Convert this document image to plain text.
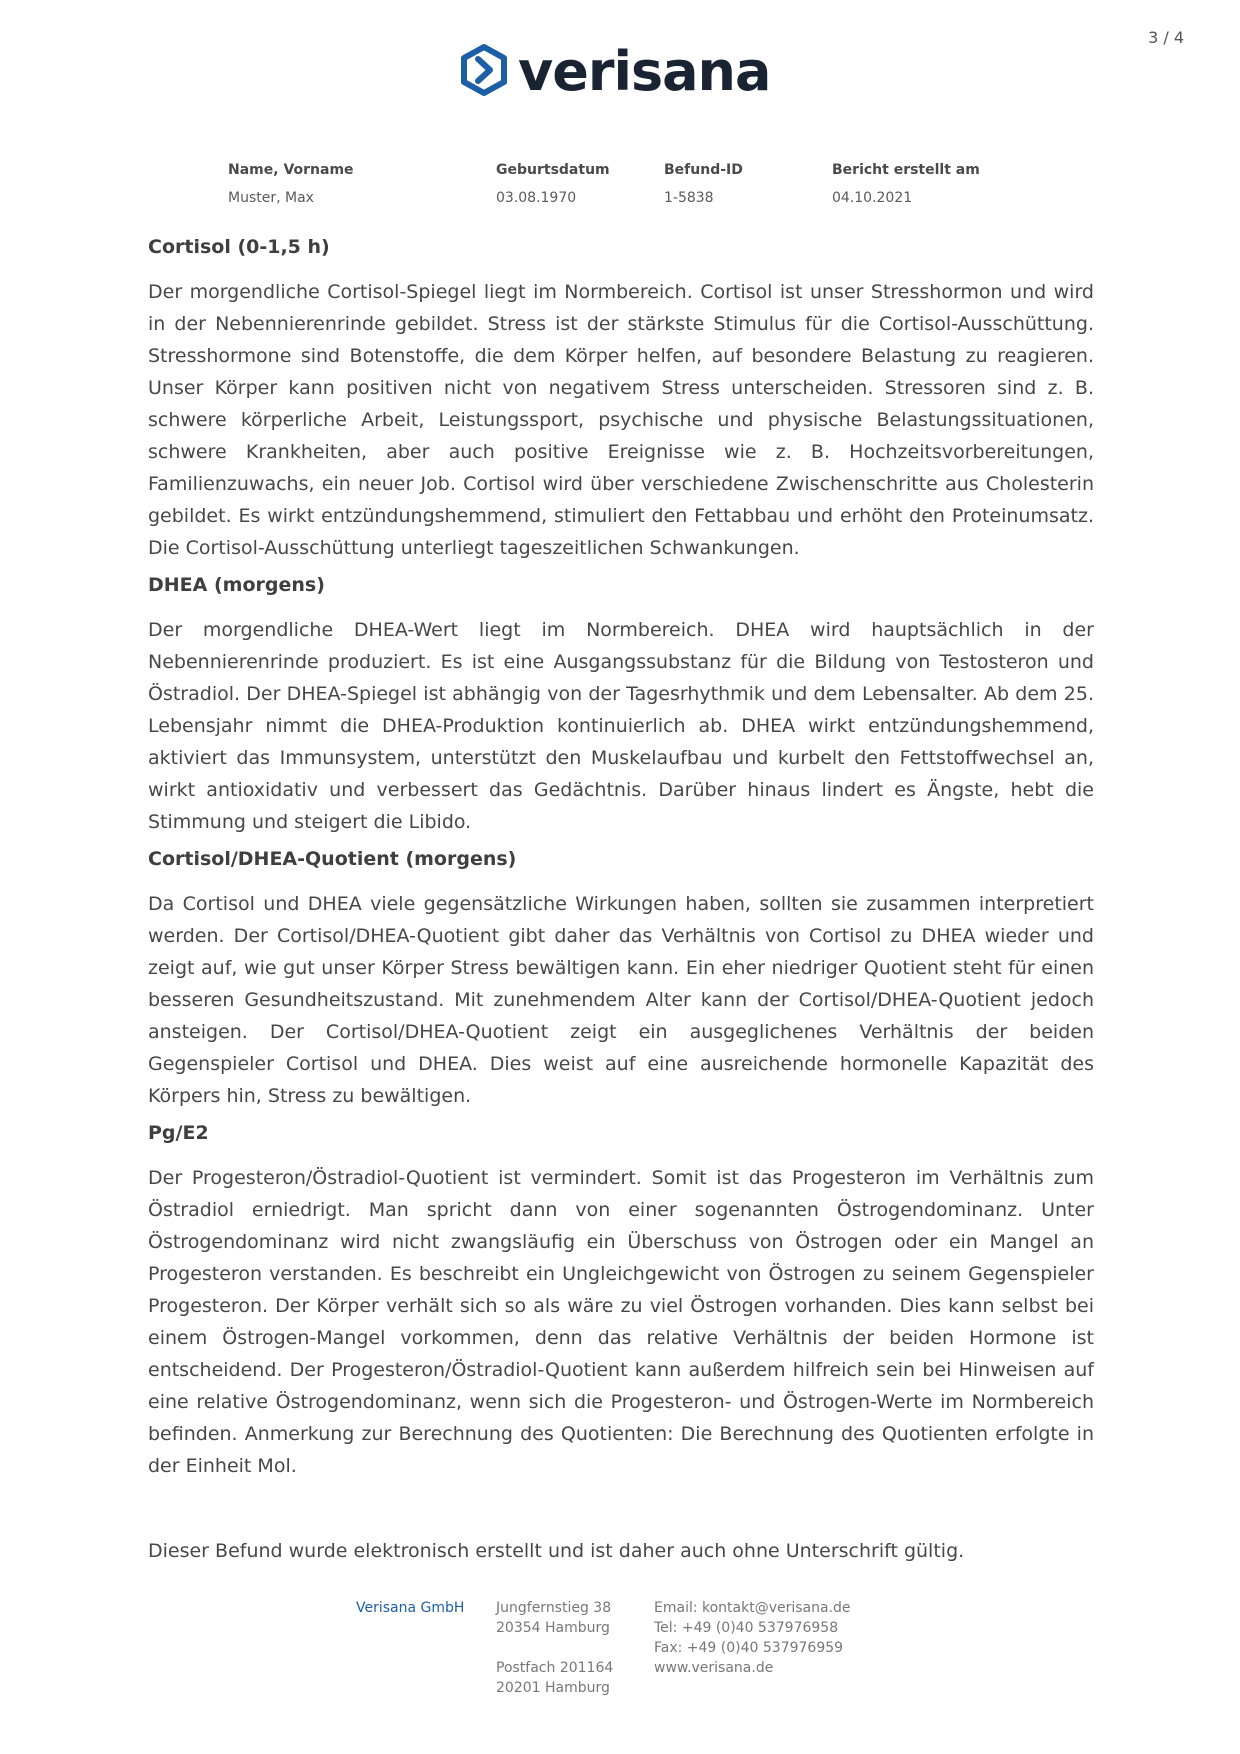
3 / 4
verisana
Name, Vorname
Muster, Max
Geburtsdatum
03.08.1970
Befund-ID
1-5838
Bericht erstellt am
04.10.2021
Cortisol (0-1,5 h)

Der morgendliche Cortisol-Spiegel liegt im Normbereich. Cortisol ist unser Stresshormon und wird in der Nebennierenrinde gebildet. Stress ist der stärkste Stimulus für die Cortisol-Ausschüttung. Stresshormone sind Botenstoffe, die dem Körper helfen, auf besondere Belastung zu reagieren. Unser Körper kann positiven nicht von negativem Stress unterscheiden. Stressoren sind z. B. schwere körperliche Arbeit, Leistungssport, psychische und physische Belastungssituationen, schwere Krankheiten, aber auch positive Ereignisse wie z. B. Hochzeitsvorbereitungen, Familienzuwachs, ein neuer Job. Cortisol wird über verschiedene Zwischenschritte aus Cholesterin gebildet. Es wirkt entzündungshemmend, stimuliert den Fettabbau und erhöht den Proteinumsatz. Die Cortisol-Ausschüttung unterliegt tageszeitlichen Schwankungen.

DHEA (morgens)

Der morgendliche DHEA-Wert liegt im Normbereich. DHEA wird hauptsächlich in der Nebennierenrinde produziert. Es ist eine Ausgangssubstanz für die Bildung von Testosteron und Östradiol. Der DHEA-Spiegel ist abhängig von der Tagesrhythmik und dem Lebensalter. Ab dem 25. Lebensjahr nimmt die DHEA-Produktion kontinuierlich ab. DHEA wirkt entzündungshemmend, aktiviert das Immunsystem, unterstützt den Muskelaufbau und kurbelt den Fettstoffwechsel an, wirkt antioxidativ und verbessert das Gedächtnis. Darüber hinaus lindert es Ängste, hebt die Stimmung und steigert die Libido.

Cortisol/DHEA-Quotient (morgens)

Da Cortisol und DHEA viele gegensätzliche Wirkungen haben, sollten sie zusammen interpretiert werden. Der Cortisol/DHEA-Quotient gibt daher das Verhältnis von Cortisol zu DHEA wieder und zeigt auf, wie gut unser Körper Stress bewältigen kann. Ein eher niedriger Quotient steht für einen besseren Gesundheitszustand. Mit zunehmendem Alter kann der Cortisol/DHEA-Quotient jedoch ansteigen. Der Cortisol/DHEA-Quotient zeigt ein ausgeglichenes Verhältnis der beiden Gegenspieler Cortisol und DHEA. Dies weist auf eine ausreichende hormonelle Kapazität des Körpers hin, Stress zu bewältigen.

Pg/E2

Der Progesteron/Östradiol-Quotient ist vermindert. Somit ist das Progesteron im Verhältnis zum Östradiol erniedrigt. Man spricht dann von einer sogenannten Östrogendominanz. Unter Östrogendominanz wird nicht zwangsläufig ein Überschuss von Östrogen oder ein Mangel an Progesteron verstanden. Es beschreibt ein Ungleichgewicht von Östrogen zu seinem Gegenspieler Progesteron. Der Körper verhält sich so als wäre zu viel Östrogen vorhanden. Dies kann selbst bei einem Östrogen-Mangel vorkommen, denn das relative Verhältnis der beiden Hormone ist entscheidend. Der Progesteron/Östradiol-Quotient kann außerdem hilfreich sein bei Hinweisen auf eine relative Östrogendominanz, wenn sich die Progesteron- und Östrogen-Werte im Normbereich befinden. Anmerkung zur Berechnung des Quotienten: Die Berechnung des Quotienten erfolgte in der Einheit Mol.

Dieser Befund wurde elektronisch erstellt und ist daher auch ohne Unterschrift gültig.
Verisana GmbH	Jungfernstieg 38
20354 Hamburg
Postfach 201164
20201 Hamburg
Email: kontakt@verisana.de
Tel: +49 (0)40 537976958
Fax: +49 (0)40 537976959
www.verisana.de
